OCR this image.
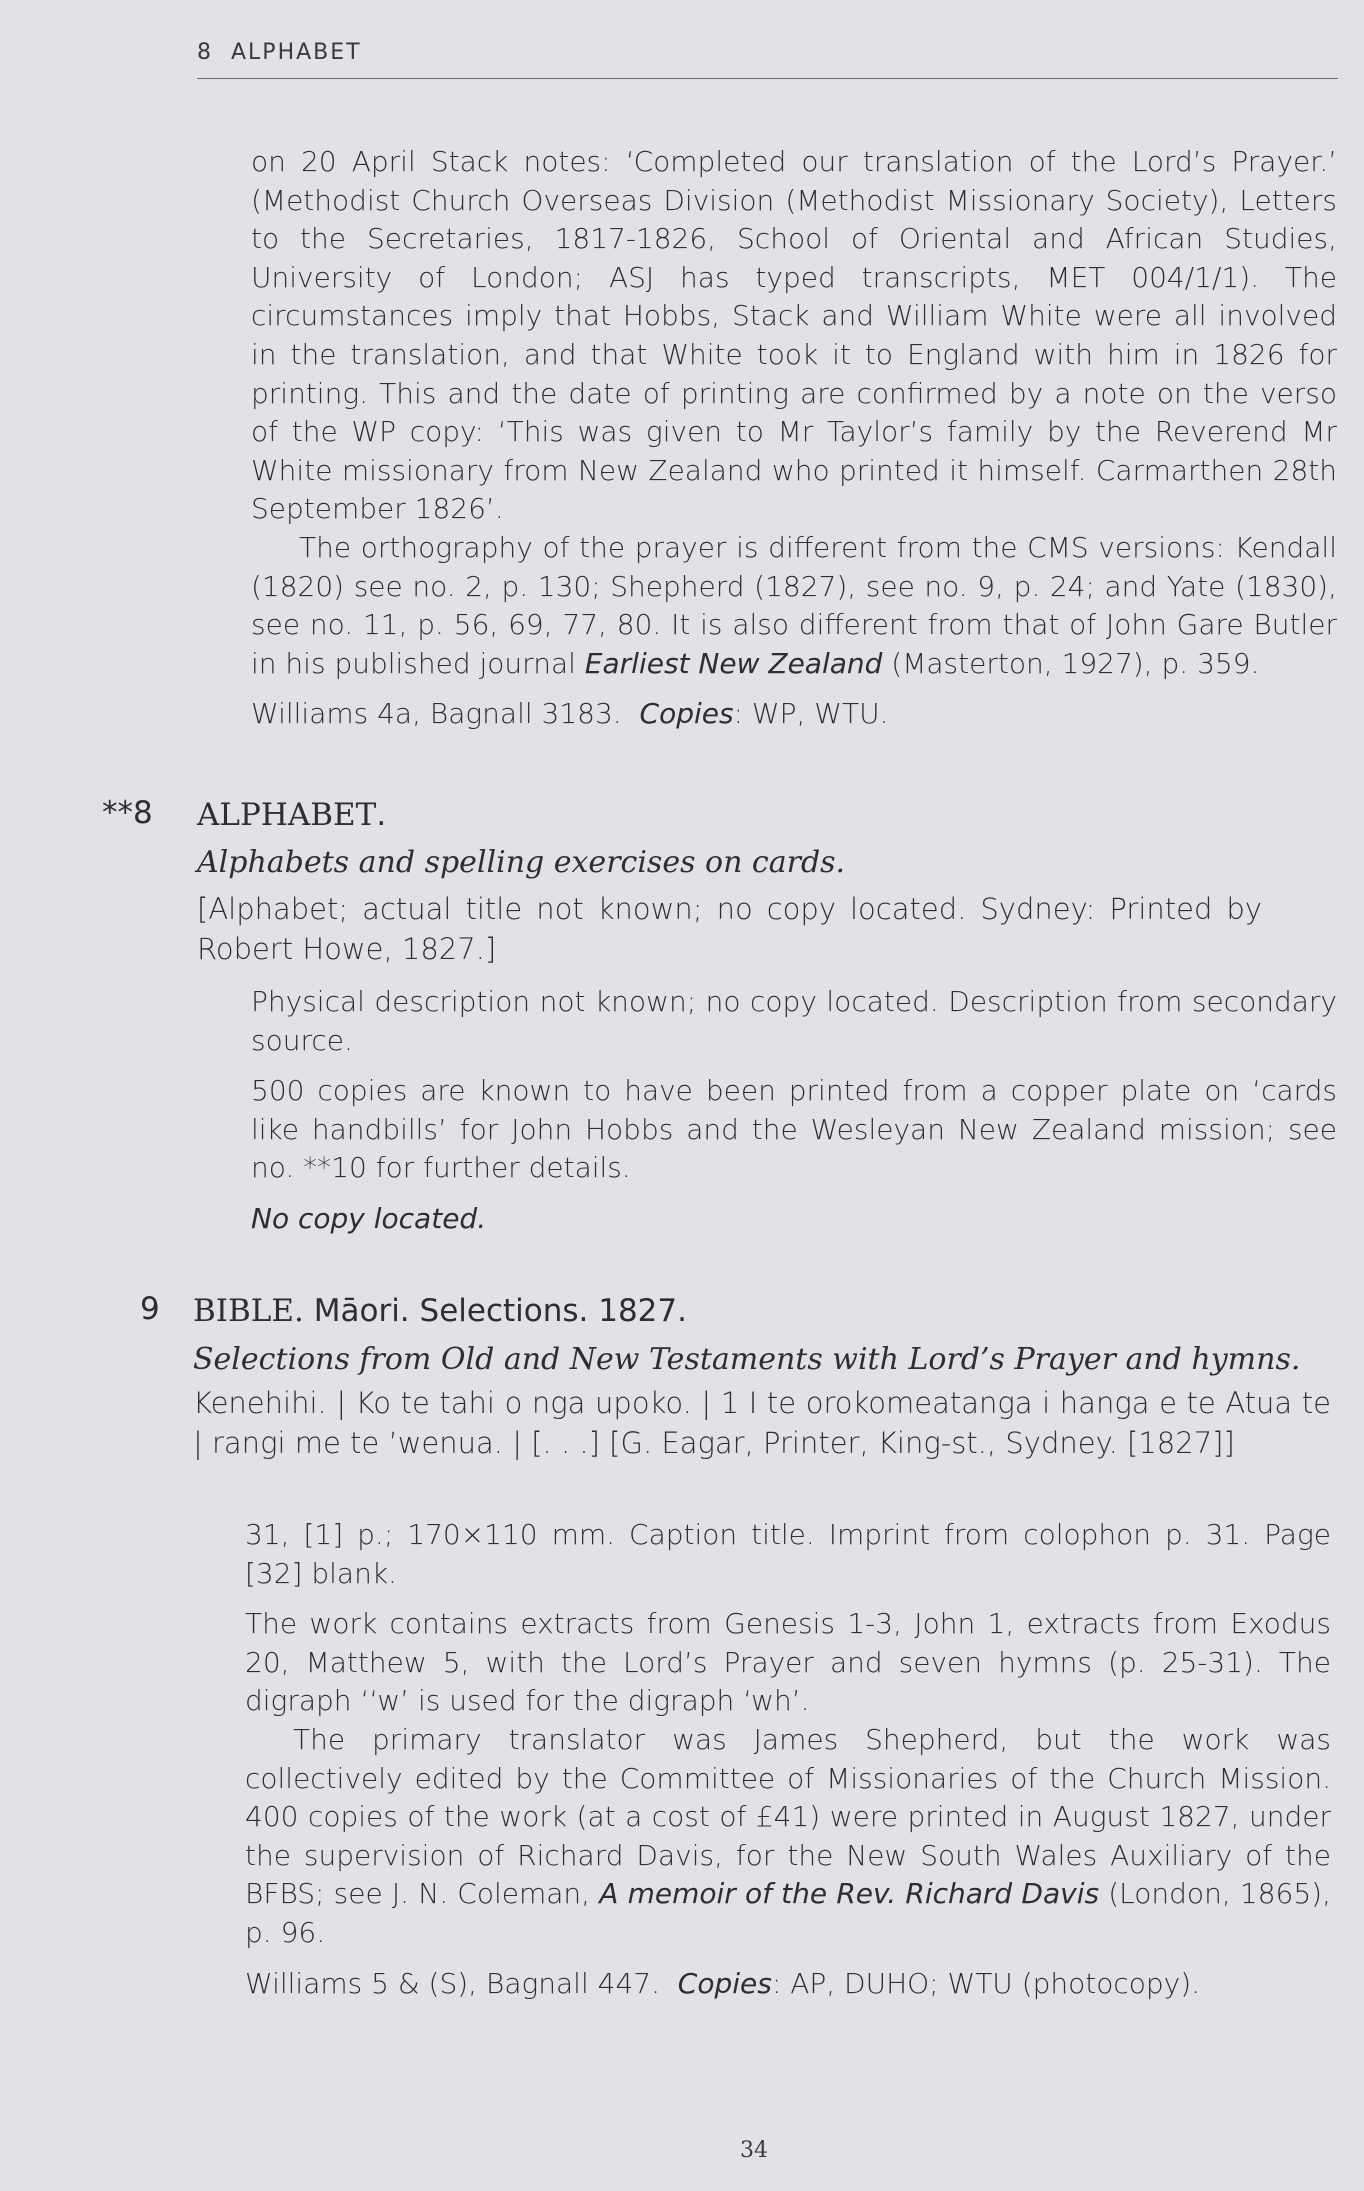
8 ALPHABET

on 20 April Stack notes: ‘Completed our translation of the Lord’s Prayer.’ (Methodist Church Overseas Division (Methodist Missionary Society), Letters to the Secretaries, 1817-1826, School of Oriental and African Studies, University of London; ASJ has typed transcripts, MET 004/1/1). The circumstances imply that Hobbs, Stack and William White were all involved in the translation, and that White took it to England with him in 1826 for printing. This and the date of printing are confirmed by a note on the verso of the WP copy: ‘This was given to Mr Taylor’s family by the Reverend Mr White missionary from New Zealand who printed it himself. Carmarthen 28th September 1826’.

The orthography of the prayer is different from the CMS versions: Kendall (1820) see no. 2, p. 130; Shepherd (1827), see no. 9, p. 24; and Yate (1830), see no. 11, p. 56, 69, 77, 80. It is also different from that of John Gare Butler in his published journal Earliest New Zealand (Masterton, 1927), p. 359.

Williams 4a, Bagnall 3183. Copies: WP, WTU.

**8 ALPHABET.
Alphabets and spelling exercises on cards.

[Alphabet; actual title not known; no copy located. Sydney: Printed by Robert Howe, 1827.]

Physical description not known; no copy located. Description from secondary source.

500 copies are known to have been printed from a copper plate on ‘cards like handbills’ for John Hobbs and the Wesleyan New Zealand mission; see no. **10 for further details.

No copy located.

9 BIBLE. Māori. Selections. 1827.
Selections from Old and New Testaments with Lord’s Prayer and hymns.

Kenehihi. | Ko te tahi o nga upoko. | 1 I te orokomeatanga i hanga e te Atua te | rangi me te ’wenua. | [. . .] [G. Eagar, Printer, King-st., Sydney. [1827]]

31, [1] p.; 170×110 mm. Caption title. Imprint from colophon p. 31. Page [32] blank.

The work contains extracts from Genesis 1-3, John 1, extracts from Exodus 20, Matthew 5, with the Lord’s Prayer and seven hymns (p. 25-31). The digraph ‘‘w’ is used for the digraph ‘wh’.

The primary translator was James Shepherd, but the work was collectively edited by the Committee of Missionaries of the Church Mission. 400 copies of the work (at a cost of £41) were printed in August 1827, under the supervision of Richard Davis, for the New South Wales Auxiliary of the BFBS; see J. N. Coleman, A memoir of the Rev. Richard Davis (London, 1865), p. 96.

Williams 5 & (S), Bagnall 447. Copies: AP, DUHO; WTU (photocopy).

34
